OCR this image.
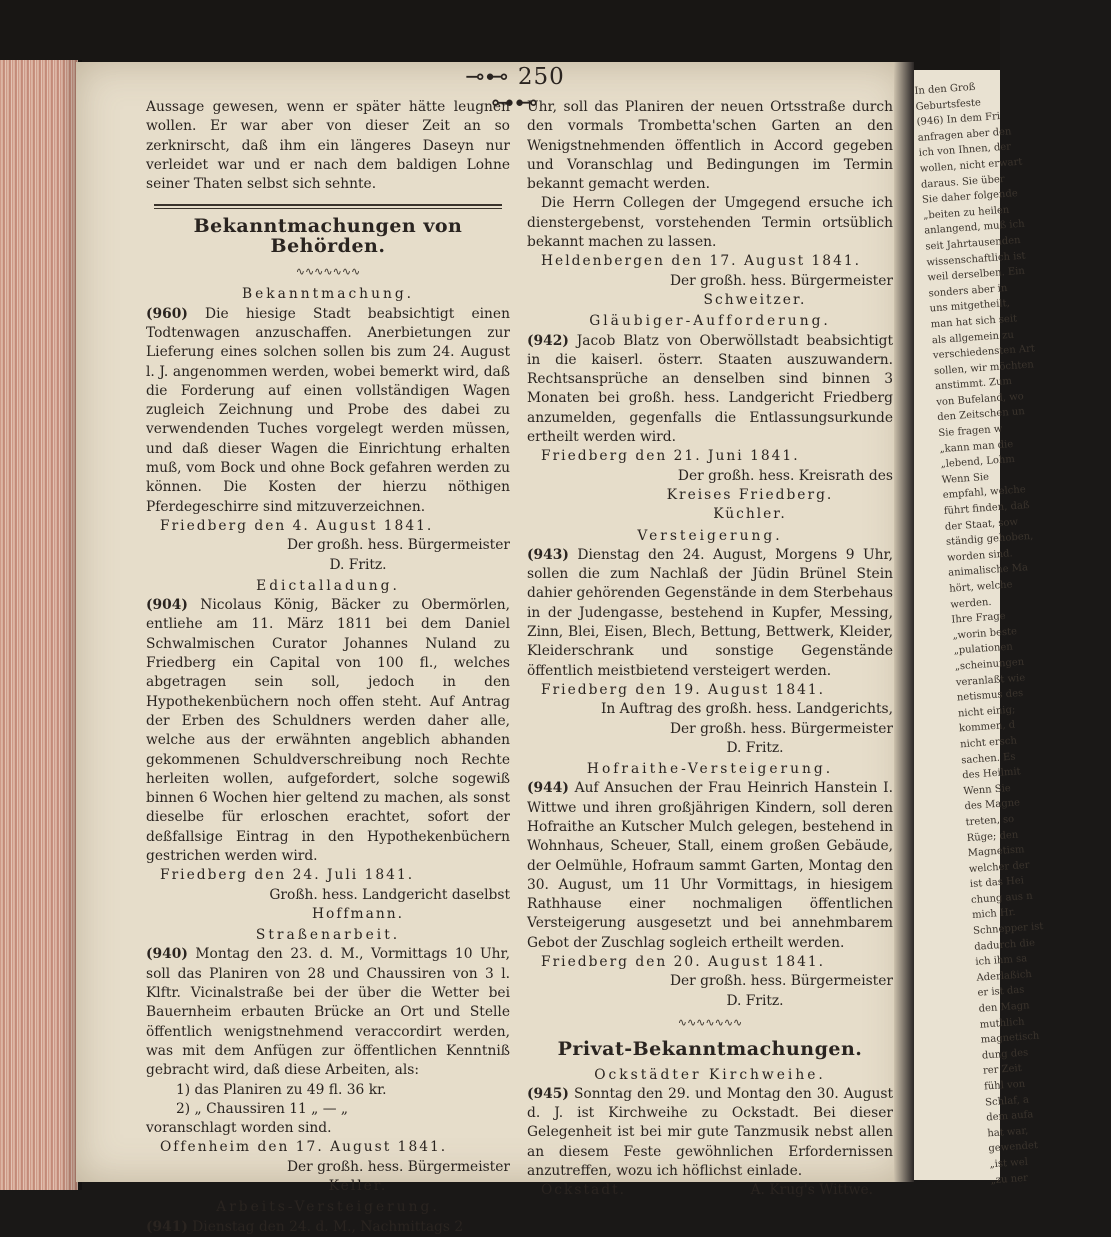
In den Groß
Geburtsfeste
(946) In dem Fri
anfragen aber den
ich von Ihnen, der
wollen, nicht erwart
daraus. Sie über
Sie daher folgende
„beiten zu heilen
anlangend, muß ich
seit Jahrtausenden
wissenschaftlich ist
weil derselben. Ein
sonders aber in
uns mitgetheilt,
man hat sich seit
als allgemein zu
verschiedensten Art
sollen, wir möchten
anstimmt. Zum
von Bufeland, wo
den Zeitschen un
Sie fragen w
„kann man die
„lebend, Lohm
Wenn Sie
empfahl, welche
führt finden, daß
der Staat, sow
ständig gehoben,
worden sind.
animalische Ma
hört, welche
werden.
Ihre Frage
„worin beste
„pulationen
„scheinungen
veranlaßt wie
netismus des
nicht einig;
kommen, d
nicht ersch
sachen. Es
des Heilmit
Wenn Sie
des Magne
treten, so
Rüge; den
Magnetism
welcher der
ist das Hei
chung aus n
mich Hr.
Schnepper ist
dadurch die
ich ihm sa
Aderlaßich
er ist das
den Magn
muthlich
magnetisch
dung des
rer Zeit
fühl von
Schlaf, a
dem aufa
hat war,
gewendet
„ist wel
„zu ner
⊸⊷ 250 ⊶⊷

Aussage gewesen, wenn er später hätte leugnen wollen. Er war aber von dieser Zeit an so zerknirscht, daß ihm ein längeres Daseyn nur verleidet war und er nach dem baldigen Lohne seiner Thaten selbst sich sehnte.

Bekanntmachungen von Behörden.
∿∿∿∿∿∿∿
Bekanntmachung.

(960) Die hiesige Stadt beabsichtigt einen Todtenwagen anzuschaffen. Anerbietungen zur Lieferung eines solchen sollen bis zum 24. August l. J. angenommen werden, wobei bemerkt wird, daß die Forderung auf einen vollständigen Wagen zugleich Zeichnung und Probe des dabei zu verwendenden Tuches vorgelegt werden müssen, und daß dieser Wagen die Einrichtung erhalten muß, vom Bock und ohne Bock gefahren werden zu können. Die Kosten der hierzu nöthigen Pferdegeschirre sind mitzuverzeichnen.

Friedberg den 4. August 1841.

Der großh. hess. Bürgermeister

D. Fritz.

Edictalladung.

(904) Nicolaus König, Bäcker zu Obermörlen, entliehe am 11. März 1811 bei dem Daniel Schwalmischen Curator Johannes Nuland zu Friedberg ein Capital von 100 fl., welches abgetragen sein soll, jedoch in den Hypothekenbüchern noch offen steht. Auf Antrag der Erben des Schuldners werden daher alle, welche aus der erwähnten angeblich abhanden gekommenen Schuldverschreibung noch Rechte herleiten wollen, aufgefordert, solche sogewiß binnen 6 Wochen hier geltend zu machen, als sonst dieselbe für erloschen erachtet, sofort der deßfallsige Eintrag in den Hypothekenbüchern gestrichen werden wird.

Friedberg den 24. Juli 1841.

Großh. hess. Landgericht daselbst

Hoffmann.

Straßenarbeit.

(940) Montag den 23. d. M., Vormittags 10 Uhr, soll das Planiren von 28 und Chaussiren von 3 l. Klftr. Vicinalstraße bei der über die Wetter bei Bauernheim erbauten Brücke an Ort und Stelle öffentlich wenigstnehmend veraccordirt werden, was mit dem Anfügen zur öffentlichen Kenntniß gebracht wird, daß diese Arbeiten, als:

1) das Planiren zu 49 fl. 36 kr.

2) „ Chaussiren 11 „ — „

voranschlagt worden sind.

Offenheim den 17. August 1841.

Der großh. hess. Bürgermeister

Keller.

Arbeits-Versteigerung.

(941) Dienstag den 24. d. M., Nachmittags 2

Uhr, soll das Planiren der neuen Ortsstraße durch den vormals Trombetta'schen Garten an den Wenigstnehmenden öffentlich in Accord gegeben und Voranschlag und Bedingungen im Termin bekannt gemacht werden.

Die Herrn Collegen der Umgegend ersuche ich dienstergebenst, vorstehenden Termin ortsüblich bekannt machen zu lassen.

Heldenbergen den 17. August 1841.

Der großh. hess. Bürgermeister

Schweitzer.

Gläubiger-Aufforderung.

(942) Jacob Blatz von Oberwöllstadt beabsichtigt in die kaiserl. österr. Staaten auszuwandern. Rechtsansprüche an denselben sind binnen 3 Monaten bei großh. hess. Landgericht Friedberg anzumelden, gegenfalls die Entlassungsurkunde ertheilt werden wird.

Friedberg den 21. Juni 1841.

Der großh. hess. Kreisrath des

Kreises Friedberg.

Küchler.

Versteigerung.

(943) Dienstag den 24. August, Morgens 9 Uhr, sollen die zum Nachlaß der Jüdin Brünel Stein dahier gehörenden Gegenstände in dem Sterbehaus in der Judengasse, bestehend in Kupfer, Messing, Zinn, Blei, Eisen, Blech, Bettung, Bettwerk, Kleider, Kleiderschrank und sonstige Gegenstände öffentlich meistbietend versteigert werden.

Friedberg den 19. August 1841.

In Auftrag des großh. hess. Landgerichts,

Der großh. hess. Bürgermeister

D. Fritz.

Hofraithe-Versteigerung.

(944) Auf Ansuchen der Frau Heinrich Hanstein I. Wittwe und ihren großjährigen Kindern, soll deren Hofraithe an Kutscher Mulch gelegen, bestehend in Wohnhaus, Scheuer, Stall, einem großen Gebäude, der Oelmühle, Hofraum sammt Garten, Montag den 30. August, um 11 Uhr Vormittags, in hiesigem Rathhause einer nochmaligen öffentlichen Versteigerung ausgesetzt und bei annehmbarem Gebot der Zuschlag sogleich ertheilt werden.

Friedberg den 20. August 1841.

Der großh. hess. Bürgermeister

D. Fritz.

∿∿∿∿∿∿∿
Privat-Bekanntmachungen.
Ockstädter Kirchweihe.

(945) Sonntag den 29. und Montag den 30. August d. J. ist Kirchweihe zu Ockstadt. Bei dieser Gelegenheit ist bei mir gute Tanzmusik nebst allen an diesem Feste gewöhnlichen Erfordernissen anzutreffen, wozu ich höflichst einlade.

Ockstadt.	A. Krug's Wittwe.
